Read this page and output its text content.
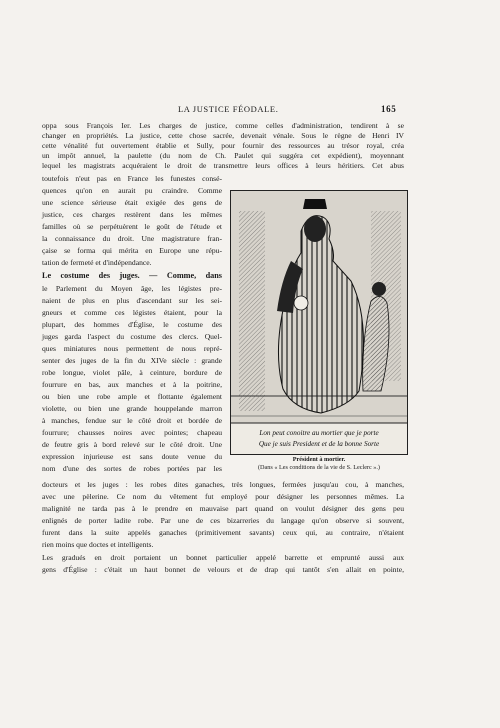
LA JUSTICE FÉODALE.	165
oppa sous François Ier. Les charges de justice, comme celles d'administration, tendirent à se
changer en propriétés. La justice, cette chose sacrée, devenait vénale. Sous le règne de Henri IV
cette vénalité fut ouvertement établie et Sully, pour fournir des ressources au trésor royal, créa
un impôt annuel, la paulette (du nom de Ch. Paulet qui suggéra cet expédient), moyennant
lequel les magistrats acquéraient le droit de transmettre leurs offices à leurs héritiers. Cet abus
toutefois n'eut pas en France les funestes consé-
quences qu'on en aurait pu craindre. Comme
une science sérieuse était exigée des gens de
justice, ces charges restèrent dans les mêmes
familles où se perpétuèrent le goût de l'étude et
la connaissance du droit. Une magistrature fran-
çaise se forma qui mérita en Europe une répu-
tation de fermeté et d'indépendance.
Le costume des juges. — Comme, dans
le Parlement du Moyen âge, les légistes pre-
naient de plus en plus d'ascendant sur les sei-
gneurs et comme ces légistes étaient, pour la
plupart, des hommes d'Église, le costume des
juges garda l'aspect du costume des clercs. Quel-
ques miniatures nous permettent de nous repré-
senter des juges de la fin du XIVe siècle : grande
robe longue, violet pâle, à ceinture, bordure de
fourrure en bas, aux manches et à la poitrine,
ou bien une robe ample et flottante également
violette, ou bien une grande houppelande marron
à manches, fendue sur le côté droit et bordée de
fourrure; chausses noires avec pointes; chapeau
de feutre gris à bord relevé sur le côté droit. Une
expression injurieuse est sans doute venue du
nom d'une des sortes de robes portées par les
docteurs et les juges : les robes dites ganaches, très longues, fermées jusqu'au cou, à manches,
avec une pèlerine. Ce nom du vêtement fut employé pour désigner les personnes mêmes. La
malignité ne tarda pas à le prendre en mauvaise part quand on voulut désigner des gens peu
enlignés de porter ladite robe. Par une de ces bizarreries du langage qu'on observe si souvent,
furent dans la suite appelés ganaches (primitivement savants) ceux qui, au contraire, n'étaient
rien moins que doctes et intelligents.
Les gradués en droit portaient un bonnet particulier appelé barrette et emprunté aussi aux
gens d'Église : c'était un haut bonnet de velours et de drap qui tantôt s'en allait en pointe,
Lon peut conoitre au mortier que je porte
Que je suis President et de la bonne Sorte
Président à mortier.
(Dans « Les conditions de la vie de S. Leclerc ».)
